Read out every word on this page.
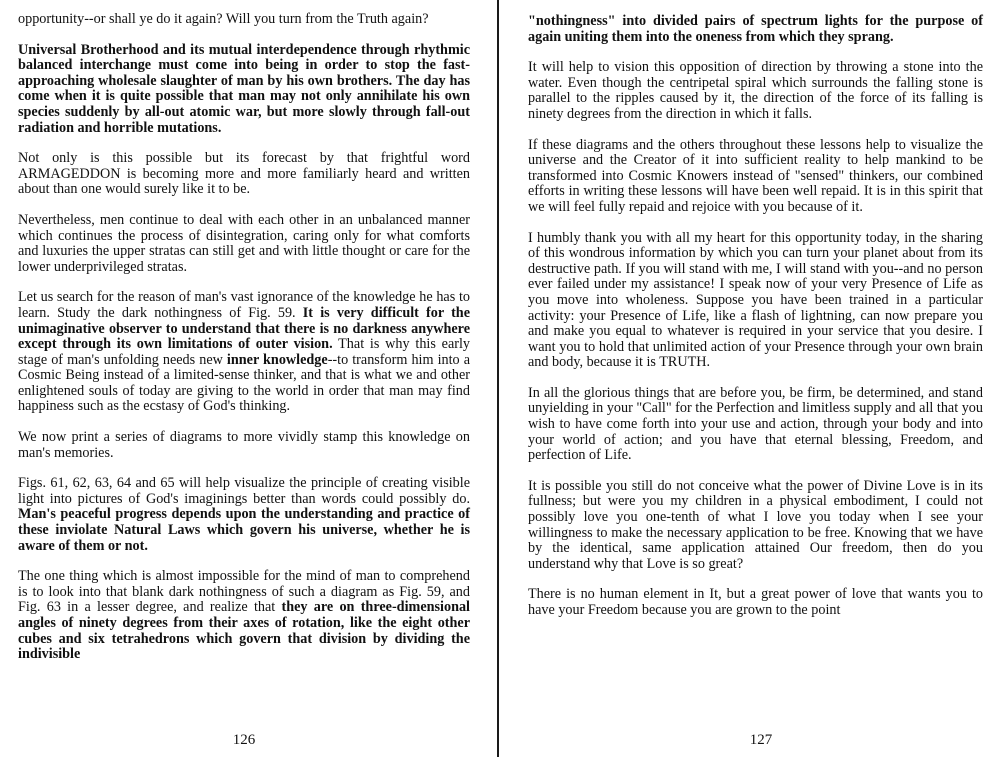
opportunity--or shall ye do it again? Will you turn from the Truth again?

Universal Brotherhood and its mutual interdependence through rhythmic balanced interchange must come into being in order to stop the fast-approaching wholesale slaughter of man by his own brothers. The day has come when it is quite possible that man may not only annihilate his own species suddenly by all-out atomic war, but more slowly through fall-out radiation and horrible mutations.

Not only is this possible but its forecast by that frightful word ARMAGEDDON is becoming more and more familiarly heard and written about than one would surely like it to be.

Nevertheless, men continue to deal with each other in an unbalanced manner which continues the process of disintegration, caring only for what comforts and luxuries the upper stratas can still get and with little thought or care for the lower underprivileged stratas.

Let us search for the reason of man's vast ignorance of the knowledge he has to learn. Study the dark nothingness of Fig. 59. It is very difficult for the unimaginative observer to understand that there is no darkness anywhere except through its own limitations of outer vision. That is why this early stage of man's unfolding needs new inner knowledge--to transform him into a Cosmic Being instead of a limited-sense thinker, and that is what we and other enlightened souls of today are giving to the world in order that man may find happiness such as the ecstasy of God's thinking.

We now print a series of diagrams to more vividly stamp this knowledge on man's memories.

Figs. 61, 62, 63, 64 and 65 will help visualize the principle of creating visible light into pictures of God's imaginings better than words could possibly do. Man's peaceful progress depends upon the understanding and practice of these inviolate Natural Laws which govern his universe, whether he is aware of them or not.

The one thing which is almost impossible for the mind of man to comprehend is to look into that blank dark nothingness of such a diagram as Fig. 59, and Fig. 63 in a lesser degree, and realize that they are on three-dimensional angles of ninety degrees from their axes of rotation, like the eight other cubes and six tetrahedrons which govern that division by dividing the indivisible

126

"nothingness" into divided pairs of spectrum lights for the purpose of again uniting them into the oneness from which they sprang.

It will help to vision this opposition of direction by throwing a stone into the water. Even though the centripetal spiral which surrounds the falling stone is parallel to the ripples caused by it, the direction of the force of its falling is ninety degrees from the direction in which it falls.

If these diagrams and the others throughout these lessons help to visualize the universe and the Creator of it into sufficient reality to help mankind to be transformed into Cosmic Knowers instead of "sensed" thinkers, our combined efforts in writing these lessons will have been well repaid. It is in this spirit that we will feel fully repaid and rejoice with you because of it.

I humbly thank you with all my heart for this opportunity today, in the sharing of this wondrous information by which you can turn your planet about from its destructive path. If you will stand with me, I will stand with you--and no person ever failed under my assistance! I speak now of your very Presence of Life as you move into wholeness. Suppose you have been trained in a particular activity: your Presence of Life, like a flash of lightning, can now prepare you and make you equal to whatever is required in your service that you desire. I want you to hold that unlimited action of your Presence through your own brain and body, because it is TRUTH.

In all the glorious things that are before you, be firm, be determined, and stand unyielding in your "Call" for the Perfection and limitless supply and all that you wish to have come forth into your use and action, through your body and into your world of action; and you have that eternal blessing, Freedom, and perfection of Life.

It is possible you still do not conceive what the power of Divine Love is in its fullness; but were you my children in a physical embodiment, I could not possibly love you one-tenth of what I love you today when I see your willingness to make the necessary application to be free. Knowing that we have by the identical, same application attained Our freedom, then do you understand why that Love is so great?

There is no human element in It, but a great power of love that wants you to have your Freedom because you are grown to the point

127
